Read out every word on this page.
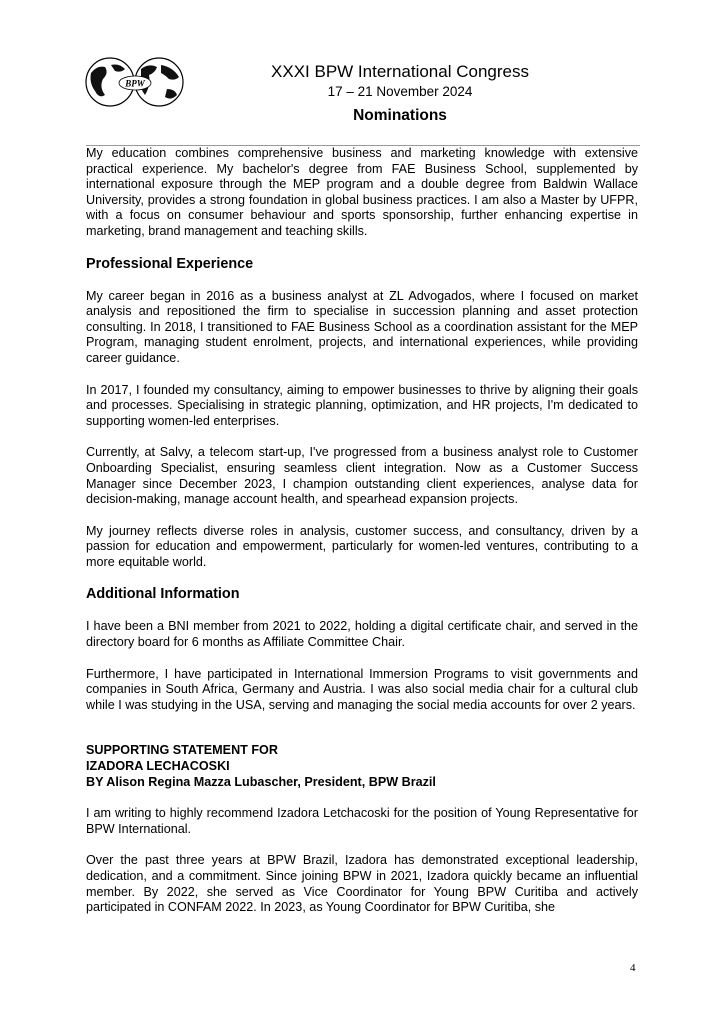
BPW
XXXI BPW International Congress
17 – 21 November 2024
Nominations

My education combines comprehensive business and marketing knowledge with extensive practical experience. My bachelor's degree from FAE Business School, supplemented by international exposure through the MEP program and a double degree from Baldwin Wallace University, provides a strong foundation in global business practices. I am also a Master by UFPR, with a focus on consumer behaviour and sports sponsorship, further enhancing expertise in marketing, brand management and teaching skills.

Professional Experience

My career began in 2016 as a business analyst at ZL Advogados, where I focused on market analysis and repositioned the firm to specialise in succession planning and asset protection consulting. In 2018, I transitioned to FAE Business School as a coordination assistant for the MEP Program, managing student enrolment, projects, and international experiences, while providing career guidance.

In 2017, I founded my consultancy, aiming to empower businesses to thrive by aligning their goals and processes. Specialising in strategic planning, optimization, and HR projects, I'm dedicated to supporting women-led enterprises.

Currently, at Salvy, a telecom start-up, I've progressed from a business analyst role to Customer Onboarding Specialist, ensuring seamless client integration. Now as a Customer Success Manager since December 2023, I champion outstanding client experiences, analyse data for decision-making, manage account health, and spearhead expansion projects.

My journey reflects diverse roles in analysis, customer success, and consultancy, driven by a passion for education and empowerment, particularly for women-led ventures, contributing to a more equitable world.

Additional Information

I have been a BNI member from 2021 to 2022, holding a digital certificate chair, and served in the directory board for 6 months as Affiliate Committee Chair.

Furthermore, I have participated in International Immersion Programs to visit governments and companies in South Africa, Germany and Austria. I was also social media chair for a cultural club while I was studying in the USA, serving and managing the social media accounts for over 2 years.

SUPPORTING STATEMENT FOR

IZADORA LECHACOSKI

BY Alison Regina Mazza Lubascher, President, BPW Brazil

I am writing to highly recommend Izadora Letchacoski for the position of Young Representative for BPW International.

Over the past three years at BPW Brazil, Izadora has demonstrated exceptional leadership, dedication, and a commitment. Since joining BPW in 2021, Izadora quickly became an influential member. By 2022, she served as Vice Coordinator for Young BPW Curitiba and actively participated in CONFAM 2022. In 2023, as Young Coordinator for BPW Curitiba, she

4
